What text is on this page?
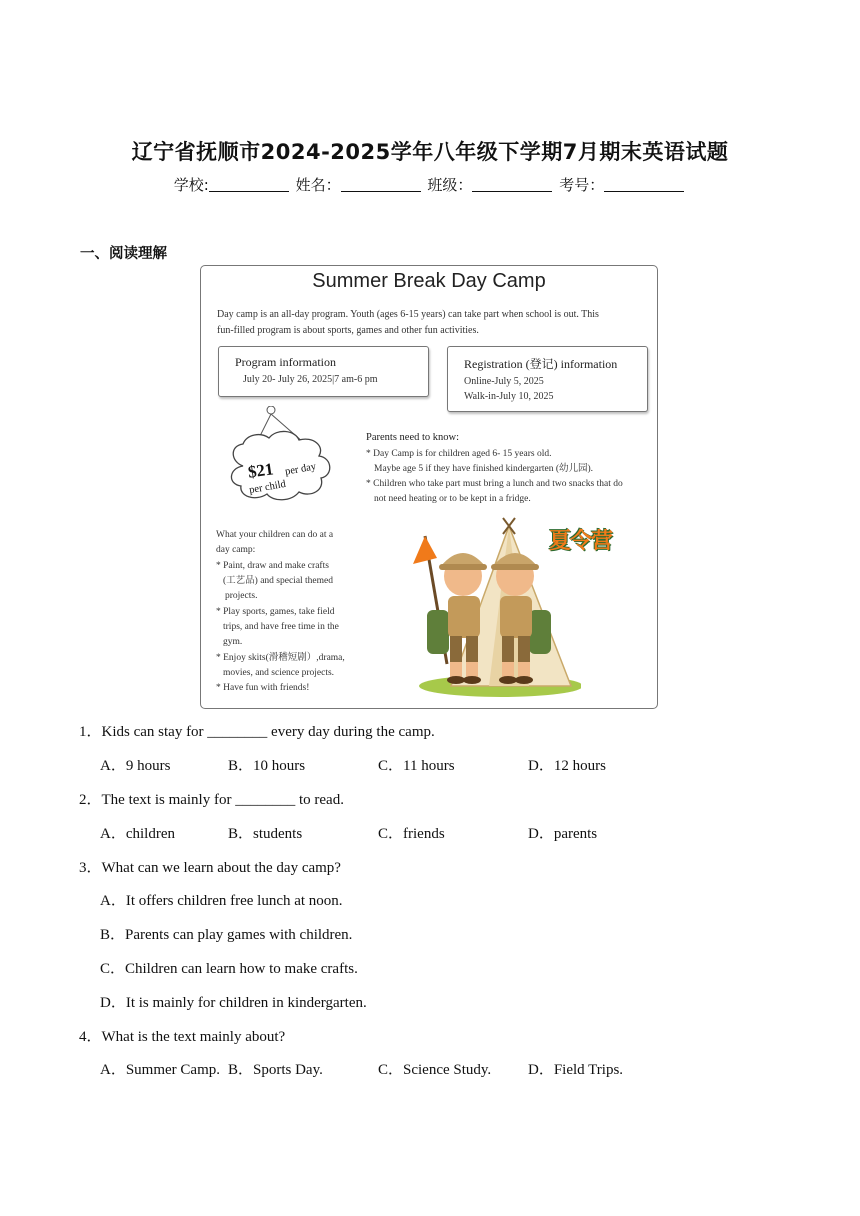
辽宁省抚顺市2024-2025学年八年级下学期7月期末英语试题
学校:	姓名：	班级：	考号：
一、阅读理解
Summer Break Day Camp
Day camp is an all-day program. Youth (ages 6-15 years) can take part when school is out. This
fun-filled program is about sports, games and other fun activities.
Program information
July 20- July 26, 2025|7 am-6 pm
Registration (登记) information
Online-July 5, 2025
Walk-in-July 10, 2025
$21 per day
per child
Parents need to know:
* Day Camp is for children aged 6- 15 years old.
Maybe age 5 if they have finished kindergarten (幼儿园).
* Children who take part must bring a lunch and two snacks that do
not need heating or to be kept in a fridge.
What your children can do at a
day camp:
* Paint, draw and make crafts
(工艺品) and special themed
projects.
* Play sports, games, take field
trips, and have free time in the
gym.
* Enjoy skits(滑稽短剧）,drama,
movies, and science projects.
* Have fun with friends!
夏令营
1．Kids can stay for ________ every day during the camp.
A．9 hours	B．10 hours	C．11 hours	D．12 hours
2．The text is mainly for ________ to read.
A．children	B．students	C．friends	D．parents
3．What can we learn about the day camp?
A．It offers children free lunch at noon.
B．Parents can play games with children.
C．Children can learn how to make crafts.
D．It is mainly for children in kindergarten.
4．What is the text mainly about?
A．Summer Camp. B．Sports Day.	C．Science Study. D．Field Trips.
